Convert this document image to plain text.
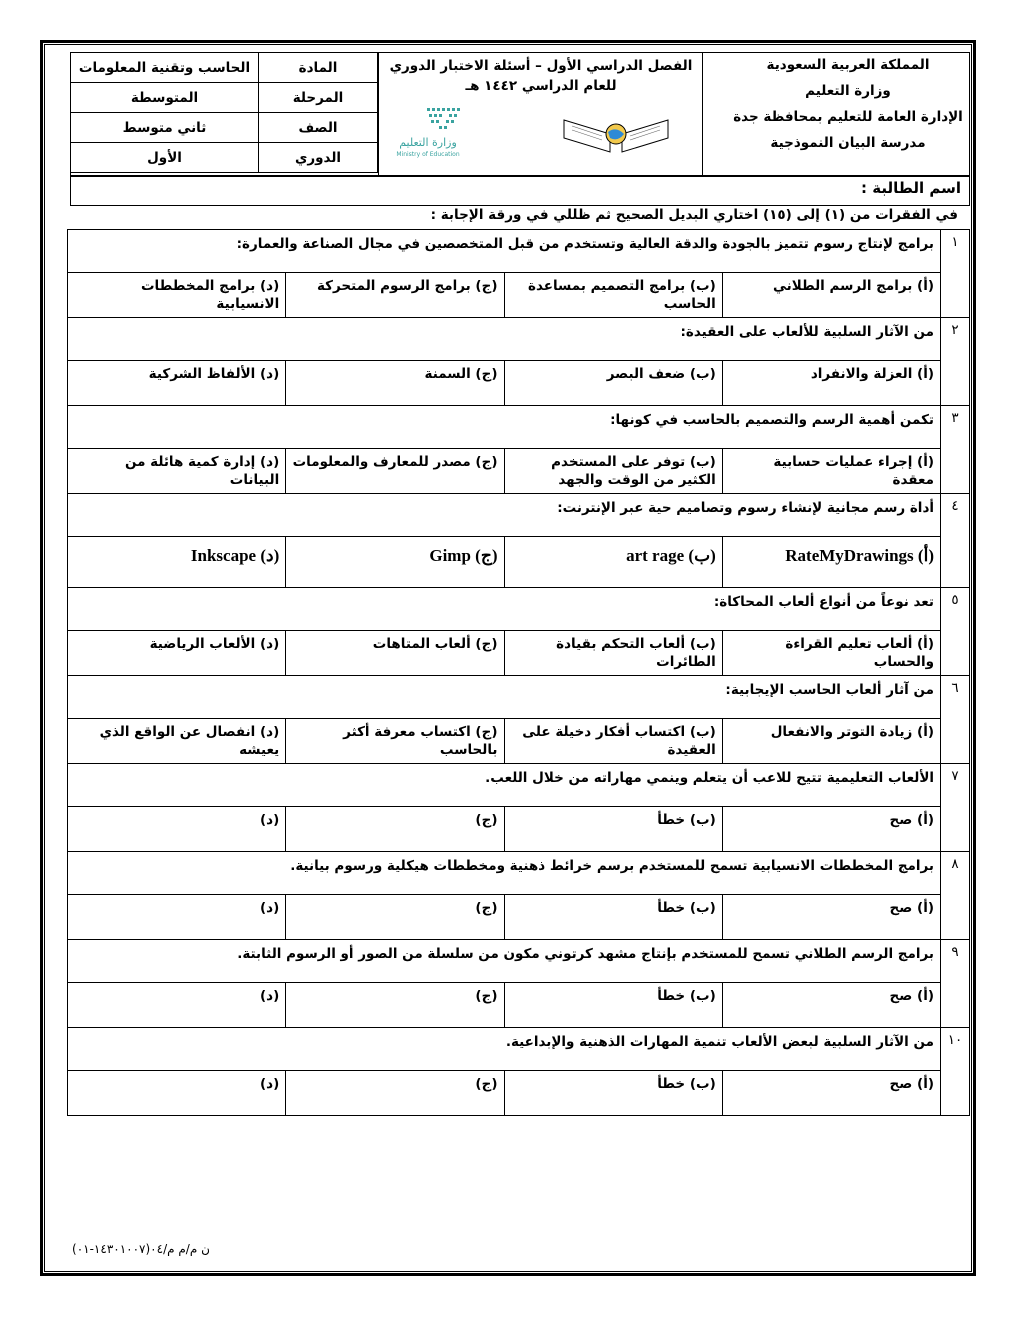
المملكة العربية السعودية
وزارة التعليم
الإدارة العامة للتعليم بمحافظة جدة
مدرسة البيان النموذجية
الفصل الدراسي الأول – أسئلة الاختبار الدوري
للعام الدراسي ١٤٤٢ هـ
وزارة التعليم
Ministry of Education
المادة	الحاسب وتقنية المعلومات
المرحلة	المتوسطة
الصف	ثاني متوسط
الدوري	الأول
اسم الطالبة :
في الفقرات من (١) إلى (١٥) اختاري البديل الصحيح ثم ظللي في ورقة الإجابة :
١	برامج لإنتاج رسوم تتميز بالجودة والدقة العالية وتستخدم من قبل المتخصصين في مجال الصناعة والعمارة:			
	(أ) برامج الرسم الطلاني	(ب) برامج التصميم بمساعدة الحاسب	(ج) برامج الرسوم المتحركة	(د) برامج المخططات الانسيابية
٢	من الآثار السلبية للألعاب على العقيدة:			
	(أ) العزلة والانفراد	(ب) ضعف البصر	(ج) السمنة	(د) الألفاظ الشركية
٣	تكمن أهمية الرسم والتصميم بالحاسب في كونها:			
	(أ) إجراء عمليات حسابية معقدة	(ب) توفر على المستخدم الكثير من الوقت والجهد	(ج) مصدر للمعارف والمعلومات	(د) إدارة كمية هائلة من البيانات
٤	أداة رسم مجانية لإنشاء رسوم وتصاميم حية عبر الإنترنت:			
	RateMyDrawings (أ)	art rage (ب)	Gimp (ج)	Inkscape (د)
٥	تعد نوعاً من أنواع ألعاب المحاكاة:			
	(أ) ألعاب تعليم القراءة والحساب	(ب) ألعاب التحكم بقيادة الطائرات	(ج) ألعاب المتاهات	(د) الألعاب الرياضية
٦	من آثار ألعاب الحاسب الإيجابية:			
	(أ) زيادة التوتر والانفعال	(ب) اكتساب أفكار دخيلة على العقيدة	(ج) اكتساب معرفة أكثر بالحاسب	(د) انفصال عن الواقع الذي يعيشه
٧	الألعاب التعليمية تتيح للاعب أن يتعلم وينمي مهاراته من خلال اللعب.			
	(أ) صح	(ب) خطأ	(ج)	(د)
٨	برامج المخططات الانسيابية تسمح للمستخدم برسم خرائط ذهنية ومخططات هيكلية ورسوم بيانية.			
	(أ) صح	(ب) خطأ	(ج)	(د)
٩	برامج الرسم الطلاني تسمح للمستخدم بإنتاج مشهد كرتوني مكون من سلسلة من الصور أو الرسوم الثابتة.			
	(أ) صح	(ب) خطأ	(ج)	(د)
١٠	من الآثار السلبية لبعض الألعاب تنمية المهارات الذهنية والإبداعية.			
	(أ) صح	(ب) خطأ	(ج)	(د)
ن م/م م/٠٤(١٤٣٠١٠٠٧-٠١)
